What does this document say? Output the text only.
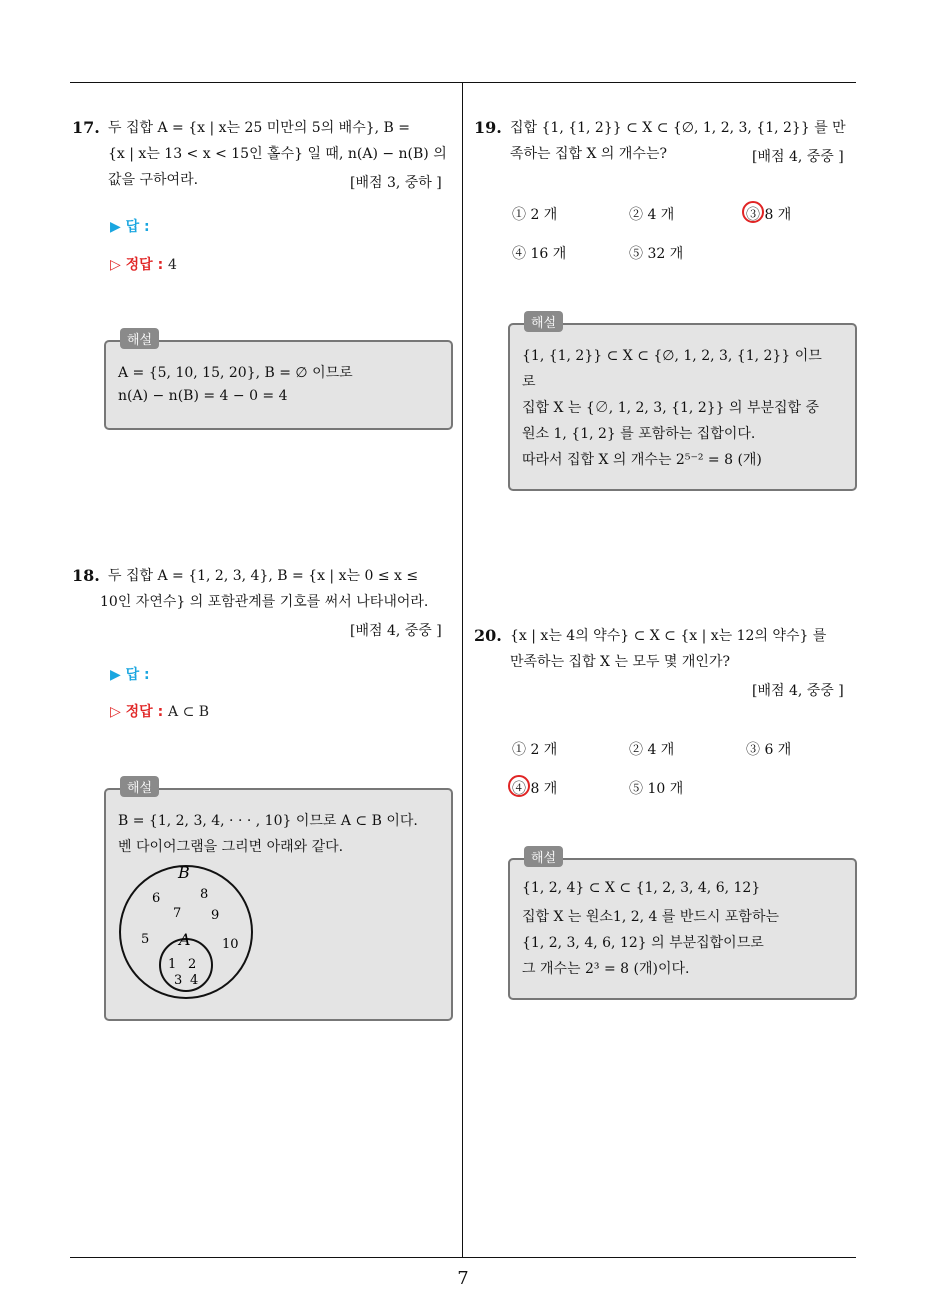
17. 두 집합 A = {x | x는 25 미만의 5의 배수}, B =
{x | x는 13 < x < 15인 홀수} 일 때, n(A) − n(B) 의
값을 구하여라.	[배점 3, 중하 ]
▶ 답 :
▷ 정답 : 4
A = {5, 10, 15, 20}, B = ∅ 이므로
n(A) − n(B) = 4 − 0 = 4
해설
18. 두 집합 A = {1, 2, 3, 4}, B = {x | x는 0 ≤ x ≤
10인 자연수} 의 포함관계를 기호를 써서 나타내어라.
[배점 4, 중중 ]
▶ 답 :
▷ 정답 : A ⊂ B
B = {1, 2, 3, 4, · · · , 10} 이므로 A ⊂ B 이다.
벤 다이어그램을 그리면 아래와 같다.
B
A
6	8
7 9
5	10
1 2
3 4
해설
19. 집합 {1, {1, 2}} ⊂ X ⊂ {∅, 1, 2, 3, {1, 2}} 를 만
족하는 집합 X 의 개수는?	[배점 4, 중중 ]
① 2 개	② 4 개	③ 8 개
④ 16 개	⑤ 32 개
{1, {1, 2}} ⊂ X ⊂ {∅, 1, 2, 3, {1, 2}} 이므
로
집합 X 는 {∅, 1, 2, 3, {1, 2}} 의 부분집합 중
원소 1, {1, 2} 를 포함하는 집합이다.
따라서 집합 X 의 개수는 2⁵⁻² = 8 (개)
해설
20. {x | x는 4의 약수} ⊂ X ⊂ {x | x는 12의 약수} 를
만족하는 집합 X 는 모두 몇 개인가?
[배점 4, 중중 ]
① 2 개	② 4 개	③ 6 개
④ 8 개	⑤ 10 개
{1, 2, 4} ⊂ X ⊂ {1, 2, 3, 4, 6, 12}
집합 X 는 원소1, 2, 4 를 반드시 포함하는
{1, 2, 3, 4, 6, 12} 의 부분집합이므로
그 개수는 2³ = 8 (개)이다.
해설
7
